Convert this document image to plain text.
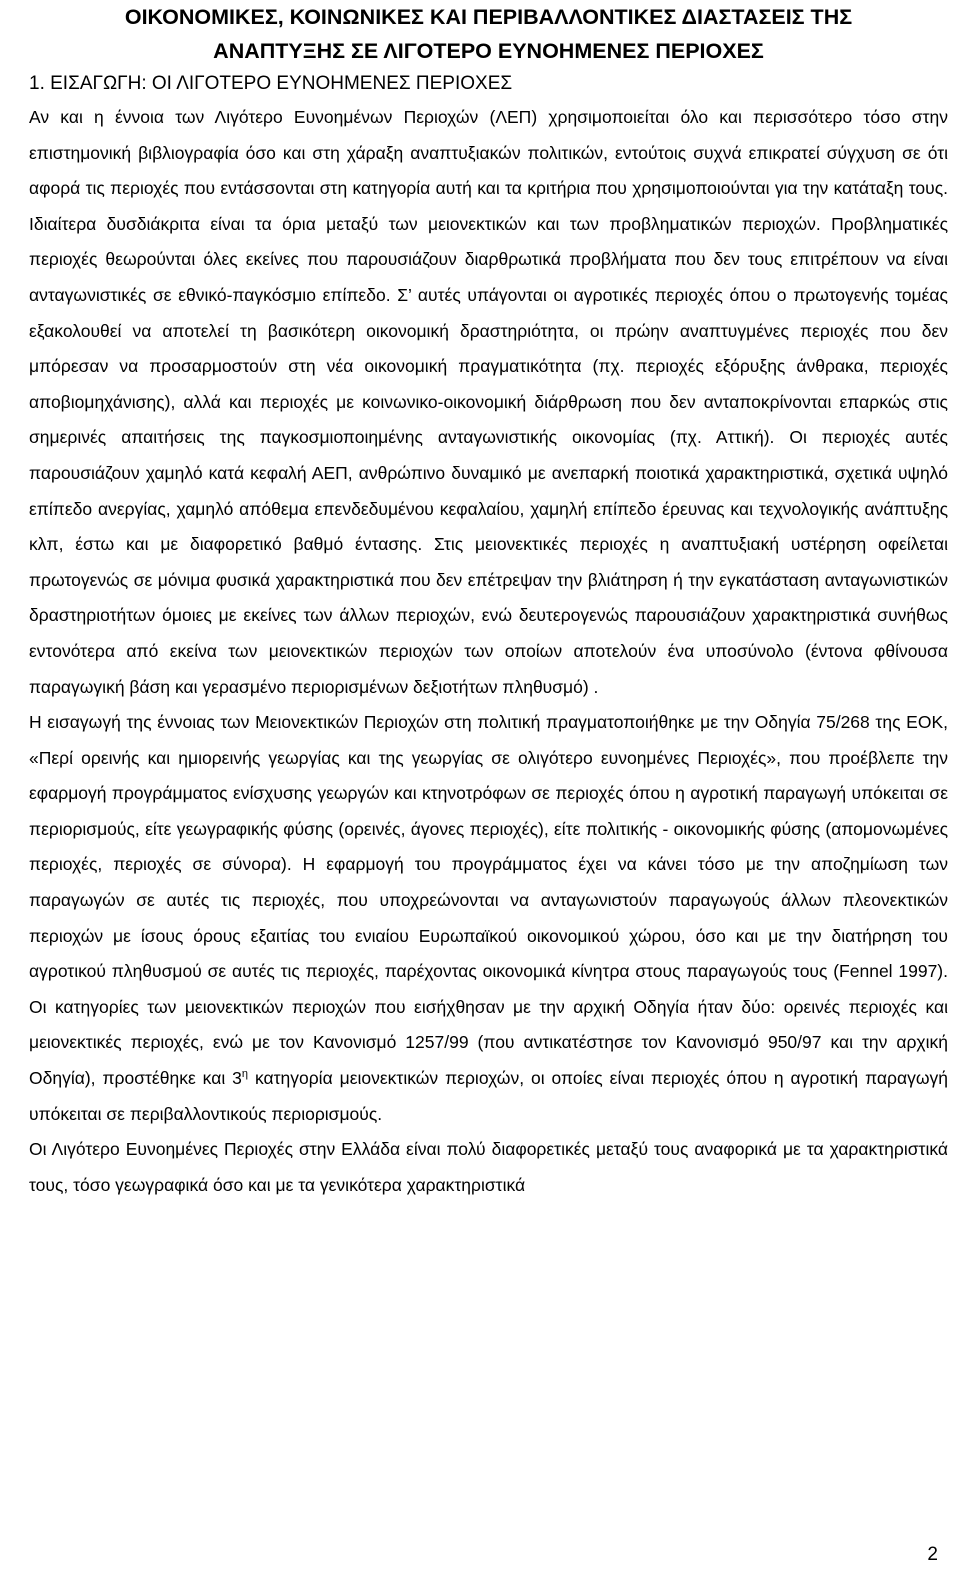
ΟΙΚΟΝΟΜΙΚΕΣ, ΚΟΙΝΩΝΙΚΕΣ ΚΑΙ ΠΕΡΙΒΑΛΛΟΝΤΙΚΕΣ ΔΙΑΣΤΑΣΕΙΣ ΤΗΣ
ΑΝΑΠΤΥΞΗΣ ΣΕ ΛΙΓΟΤΕΡΟ ΕΥΝΟΗΜΕΝΕΣ ΠΕΡΙΟΧΕΣ

1. ΕΙΣΑΓΩΓΗ: ΟΙ ΛΙΓΟΤΕΡΟ ΕΥΝΟΗΜΕΝΕΣ ΠΕΡΙΟΧΕΣ

Αν και η έννοια των Λιγότερο Ευνοημένων Περιοχών (ΛΕΠ) χρησιμοποιείται όλο και περισσότερο τόσο στην επιστημονική βιβλιογραφία όσο και στη χάραξη αναπτυξιακών πολιτικών, εντούτοις συχνά επικρατεί σύγχυση σε ότι αφορά τις περιοχές που εντάσσονται στη κατηγορία αυτή και τα κριτήρια που χρησιμοποιούνται για την κατάταξη τους. Ιδιαίτερα δυσδιάκριτα είναι τα όρια μεταξύ των μειονεκτικών και των προβληματικών περιοχών. Προβληματικές περιοχές θεωρούνται όλες εκείνες που παρουσιάζουν διαρθρωτικά προβλήματα που δεν τους επιτρέπουν να είναι ανταγωνιστικές σε εθνικό-παγκόσμιο επίπεδο. Σ’ αυτές υπάγονται οι αγροτικές περιοχές όπου ο πρωτογενής τομέας εξακολουθεί να αποτελεί τη βασικότερη οικονομική δραστηριότητα, οι πρώην αναπτυγμένες περιοχές που δεν μπόρεσαν να προσαρμοστούν στη νέα οικονομική πραγματικότητα (πχ. περιοχές εξόρυξης άνθρακα, περιοχές αποβιομηχάνισης), αλλά και περιοχές με κοινωνικο-οικονομική διάρθρωση που δεν ανταποκρίνονται επαρκώς στις σημερινές απαιτήσεις της παγκοσμιοποιημένης ανταγωνιστικής οικονομίας (πχ. Αττική). Οι περιοχές αυτές παρουσιάζουν χαμηλό κατά κεφαλή ΑΕΠ, ανθρώπινο δυναμικό με ανεπαρκή ποιοτικά χαρακτηριστικά, σχετικά υψηλό επίπεδο ανεργίας, χαμηλό απόθεμα επενδεδυμένου κεφαλαίου, χαμηλή επίπεδο έρευνας και τεχνολογικής ανάπτυξης κλπ, έστω και με διαφορετικό βαθμό έντασης. Στις μειονεκτικές περιοχές η αναπτυξιακή υστέρηση οφείλεται πρωτογενώς σε μόνιμα φυσικά χαρακτηριστικά που δεν επέτρεψαν την βλιάτηρση ή την εγκατάσταση ανταγωνιστικών δραστηριοτήτων όμοιες με εκείνες των άλλων περιοχών, ενώ δευτερογενώς παρουσιάζουν χαρακτηριστικά συνήθως εντονότερα από εκείνα των μειονεκτικών περιοχών των οποίων αποτελούν ένα υποσύνολο (έντονα φθίνουσα παραγωγική βάση και γερασμένο περιορισμένων δεξιοτήτων πληθυσμό) .

Η εισαγωγή της έννοιας των Μειονεκτικών Περιοχών στη πολιτική πραγματοποιήθηκε με την Οδηγία 75/268 της ΕΟΚ, «Περί ορεινής και ημιορεινής γεωργίας και της γεωργίας σε ολιγότερο ευνοημένες Περιοχές», που προέβλεπε την εφαρμογή προγράμματος ενίσχυσης γεωργών και κτηνοτρόφων σε περιοχές όπου η αγροτική παραγωγή υπόκειται σε περιορισμούς, είτε γεωγραφικής φύσης (ορεινές, άγονες περιοχές), είτε πολιτικής - οικονομικής φύσης (απομονωμένες περιοχές, περιοχές σε σύνορα). Η εφαρμογή του προγράμματος έχει να κάνει τόσο με την αποζημίωση των παραγωγών σε αυτές τις περιοχές, που υποχρεώνονται να ανταγωνιστούν παραγωγούς άλλων πλεονεκτικών περιοχών με ίσους όρους εξαιτίας του ενιαίου Ευρωπαϊκού οικονομικού χώρου, όσο και με την διατήρηση του αγροτικού πληθυσμού σε αυτές τις περιοχές, παρέχοντας οικονομικά κίνητρα στους παραγωγούς τους (Fennel 1997). Οι κατηγορίες των μειονεκτικών περιοχών που εισήχθησαν με την αρχική Οδηγία ήταν δύο: ορεινές περιοχές και μειονεκτικές περιοχές, ενώ με τον Κανονισμό 1257/99 (που αντικατέστησε τον Κανονισμό 950/97 και την αρχική Οδηγία), προστέθηκε και $3^\eta$ κατηγορία μειονεκτικών περιοχών, οι οποίες είναι περιοχές όπου η αγροτική παραγωγή υπόκειται σε περιβαλλοντικούς περιορισμούς.

Οι Λιγότερο Ευνοημένες Περιοχές στην Ελλάδα είναι πολύ διαφορετικές μεταξύ τους αναφορικά με τα χαρακτηριστικά τους, τόσο γεωγραφικά όσο και με τα γενικότερα χαρακτηριστικά

2
